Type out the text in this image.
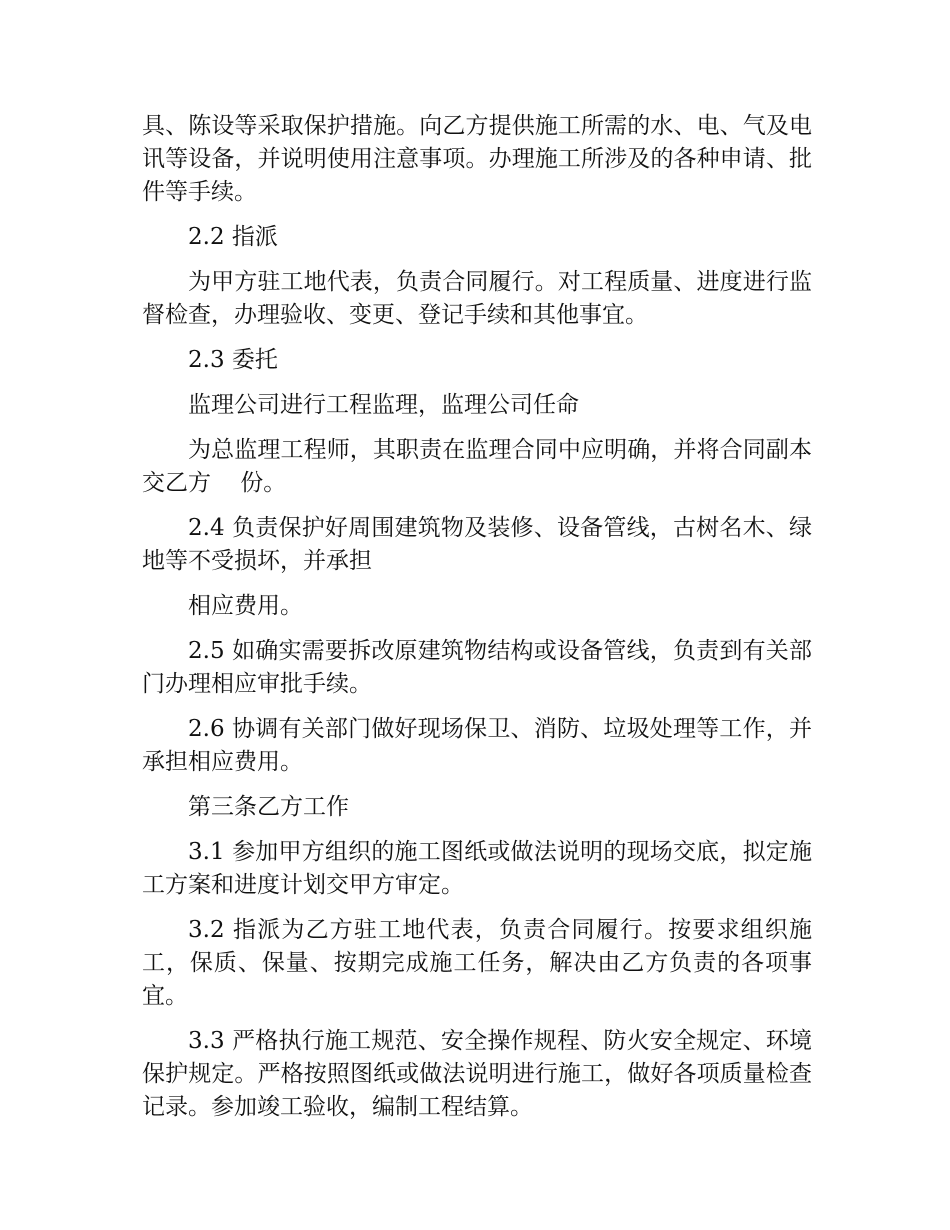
具、陈设等采取保护措施。向乙方提供施工所需的水、电、气及电讯等设备，并说明使用注意事项。办理施工所涉及的各种申请、批件等手续。

2.2 指派

为甲方驻工地代表，负责合同履行。对工程质量、进度进行监督检查，办理验收、变更、登记手续和其他事宜。

2.3 委托

监理公司进行工程监理，监理公司任命

为总监理工程师，其职责在监理合同中应明确，并将合同副本交乙方    份。

2.4 负责保护好周围建筑物及装修、设备管线，古树名木、绿地等不受损坏，并承担

相应费用。

2.5 如确实需要拆改原建筑物结构或设备管线，负责到有关部门办理相应审批手续。

2.6 协调有关部门做好现场保卫、消防、垃圾处理等工作，并承担相应费用。

第三条乙方工作

3.1 参加甲方组织的施工图纸或做法说明的现场交底，拟定施工方案和进度计划交甲方审定。

3.2 指派为乙方驻工地代表，负责合同履行。按要求组织施工，保质、保量、按期完成施工任务，解决由乙方负责的各项事宜。

3.3 严格执行施工规范、安全操作规程、防火安全规定、环境保护规定。严格按照图纸或做法说明进行施工，做好各项质量检查记录。参加竣工验收，编制工程结算。
